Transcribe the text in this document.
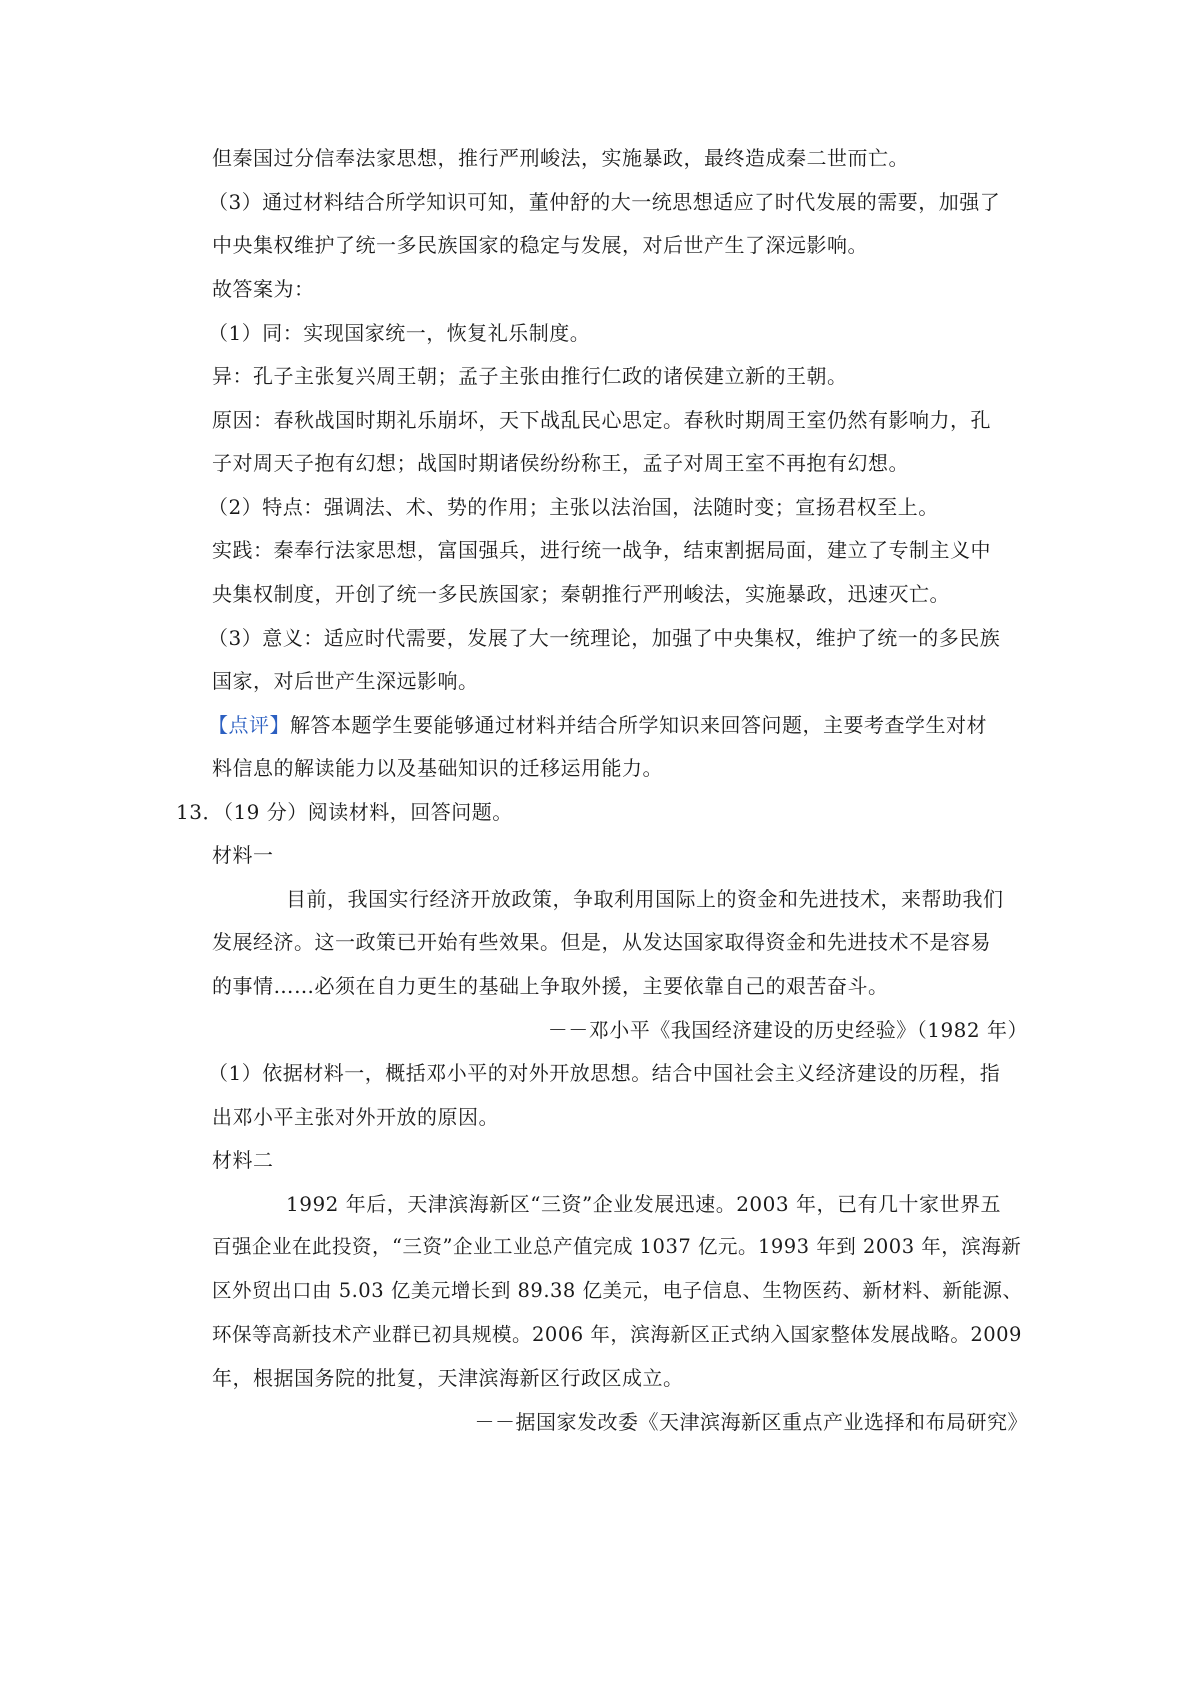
但秦国过分信奉法家思想，推行严刑峻法，实施暴政，最终造成秦二世而亡。
（3）通过材料结合所学知识可知，董仲舒的大一统思想适应了时代发展的需要，加强了
中央集权维护了统一多民族国家的稳定与发展，对后世产生了深远影响。
故答案为：
（1）同：实现国家统一，恢复礼乐制度。
异：孔子主张复兴周王朝；孟子主张由推行仁政的诸侯建立新的王朝。
原因：春秋战国时期礼乐崩坏，天下战乱民心思定。春秋时期周王室仍然有影响力，孔
子对周天子抱有幻想；战国时期诸侯纷纷称王，孟子对周王室不再抱有幻想。
（2）特点：强调法、术、势的作用；主张以法治国，法随时变；宣扬君权至上。
实践：秦奉行法家思想，富国强兵，进行统一战争，结束割据局面，建立了专制主义中
央集权制度，开创了统一多民族国家；秦朝推行严刑峻法，实施暴政，迅速灭亡。
（3）意义：适应时代需要，发展了大一统理论，加强了中央集权，维护了统一的多民族
国家，对后世产生深远影响。
【点评】解答本题学生要能够通过材料并结合所学知识来回答问题，主要考查学生对材
料信息的解读能力以及基础知识的迁移运用能力。
13．（19 分）阅读材料，回答问题。
材料一
目前，我国实行经济开放政策，争取利用国际上的资金和先进技术，来帮助我们
发展经济。这一政策已开始有些效果。但是，从发达国家取得资金和先进技术不是容易
的事情……必须在自力更生的基础上争取外援，主要依靠自己的艰苦奋斗。
－－邓小平《我国经济建设的历史经验》（1982 年）
（1）依据材料一，概括邓小平的对外开放思想。结合中国社会主义经济建设的历程，指
出邓小平主张对外开放的原因。
材料二
1992 年后，天津滨海新区“三资”企业发展迅速。2003 年，已有几十家世界五
百强企业在此投资，“三资”企业工业总产值完成 1037 亿元。1993 年到 2003 年，滨海新
区外贸出口由 5.03 亿美元增长到 89.38 亿美元，电子信息、生物医药、新材料、新能源、
环保等高新技术产业群已初具规模。2006 年，滨海新区正式纳入国家整体发展战略。2009
年，根据国务院的批复，天津滨海新区行政区成立。
－－据国家发改委《天津滨海新区重点产业选择和布局研究》
